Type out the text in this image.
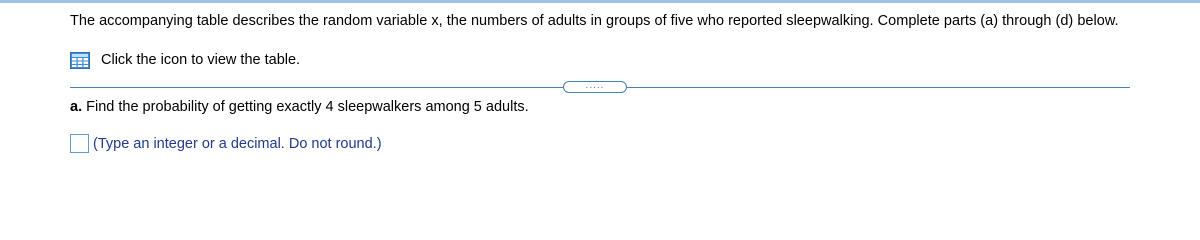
The accompanying table describes the random variable x, the numbers of adults in groups of five who reported sleepwalking. Complete parts (a) through (d) below.
Click the icon to view the table.
.....
a. Find the probability of getting exactly 4 sleepwalkers among 5 adults.
(Type an integer or a decimal. Do not round.)
